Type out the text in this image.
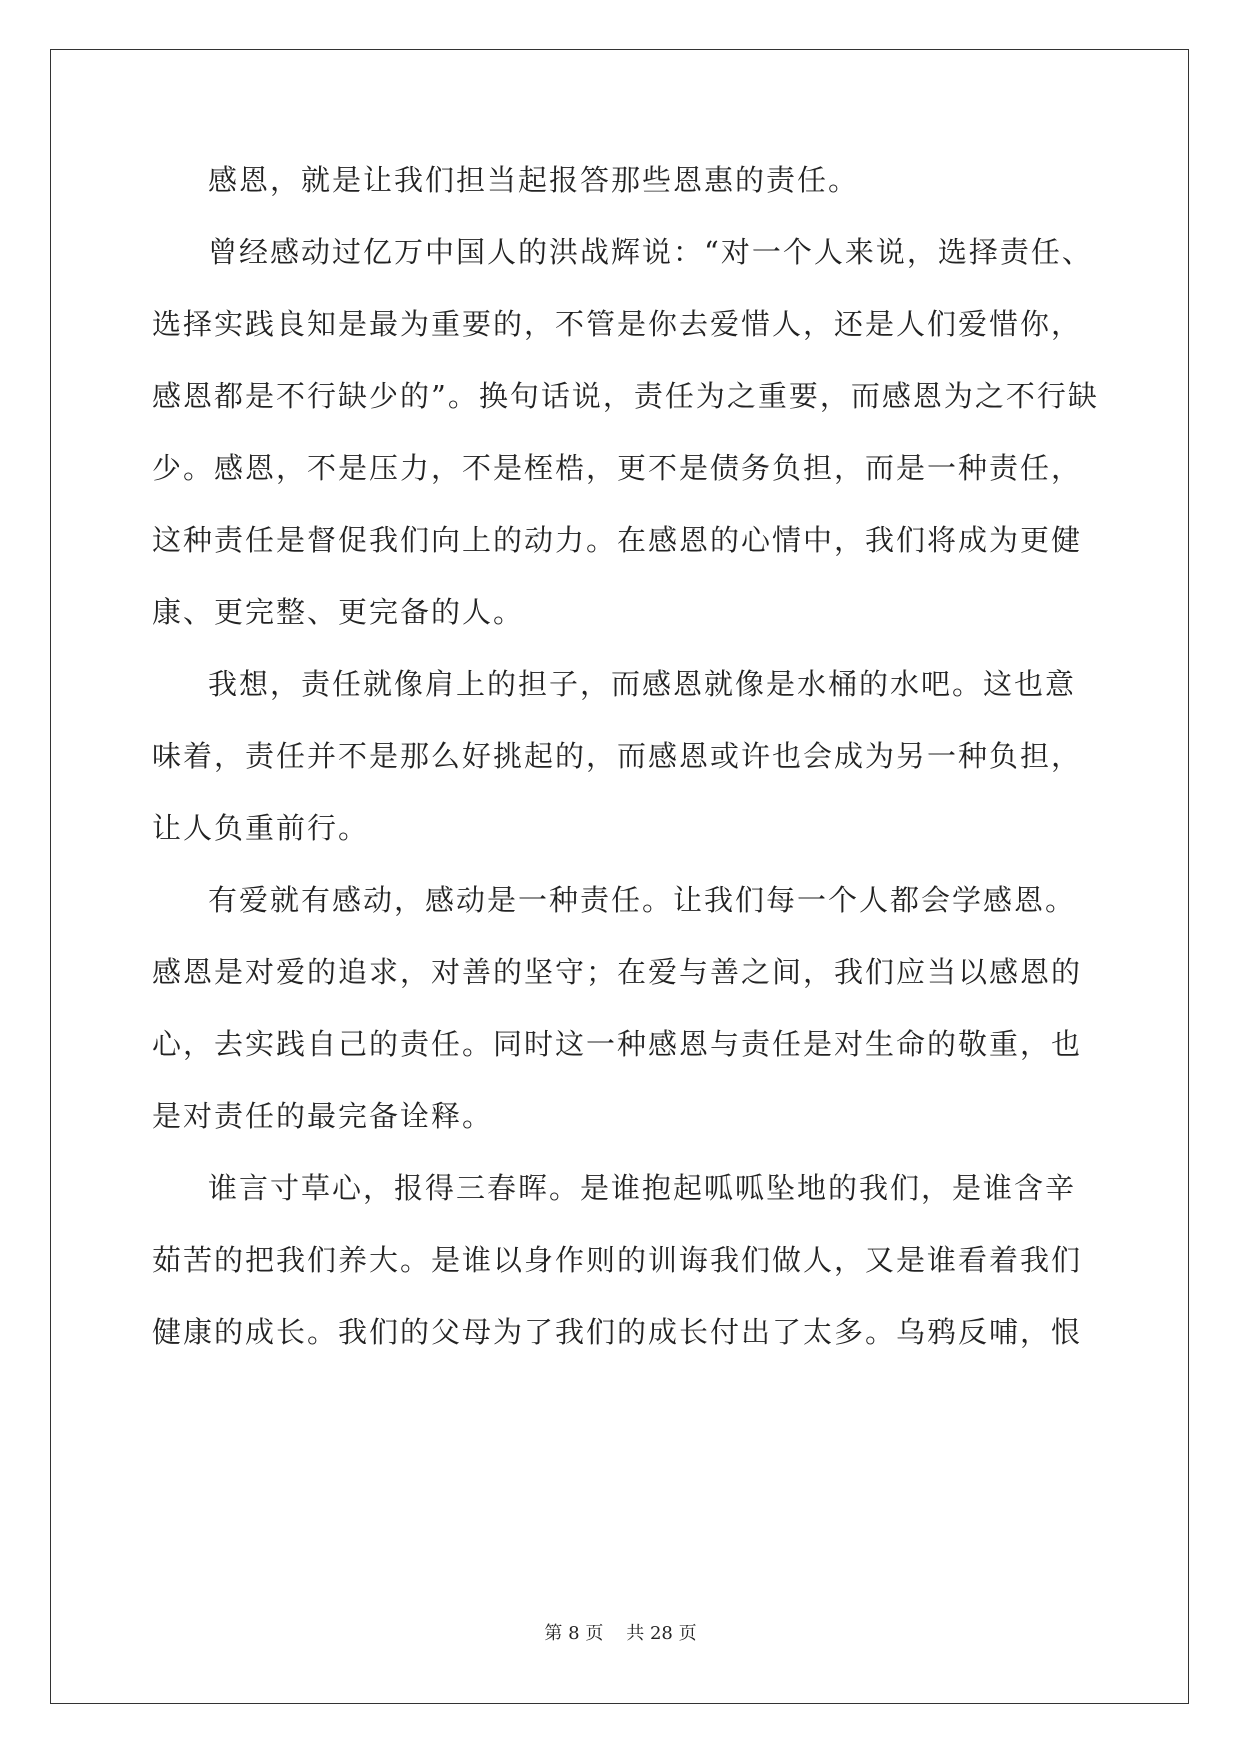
感恩，就是让我们担当起报答那些恩惠的责任。
曾经感动过亿万中国人的洪战辉说：“对一个人来说，选择责任、
选择实践良知是最为重要的，不管是你去爱惜人，还是人们爱惜你，
感恩都是不行缺少的”。换句话说，责任为之重要，而感恩为之不行缺
少。感恩，不是压力，不是桎梏，更不是债务负担，而是一种责任，
这种责任是督促我们向上的动力。在感恩的心情中，我们将成为更健
康、更完整、更完备的人。
我想，责任就像肩上的担子，而感恩就像是水桶的水吧。这也意
味着，责任并不是那么好挑起的，而感恩或许也会成为另一种负担，
让人负重前行。
有爱就有感动，感动是一种责任。让我们每一个人都会学感恩。
感恩是对爱的追求，对善的坚守；在爱与善之间，我们应当以感恩的
心，去实践自己的责任。同时这一种感恩与责任是对生命的敬重，也
是对责任的最完备诠释。
谁言寸草心，报得三春晖。是谁抱起呱呱坠地的我们，是谁含辛
茹苦的把我们养大。是谁以身作则的训诲我们做人，又是谁看着我们
健康的成长。我们的父母为了我们的成长付出了太多。乌鸦反哺，恨
第 8 页 共 28 页
